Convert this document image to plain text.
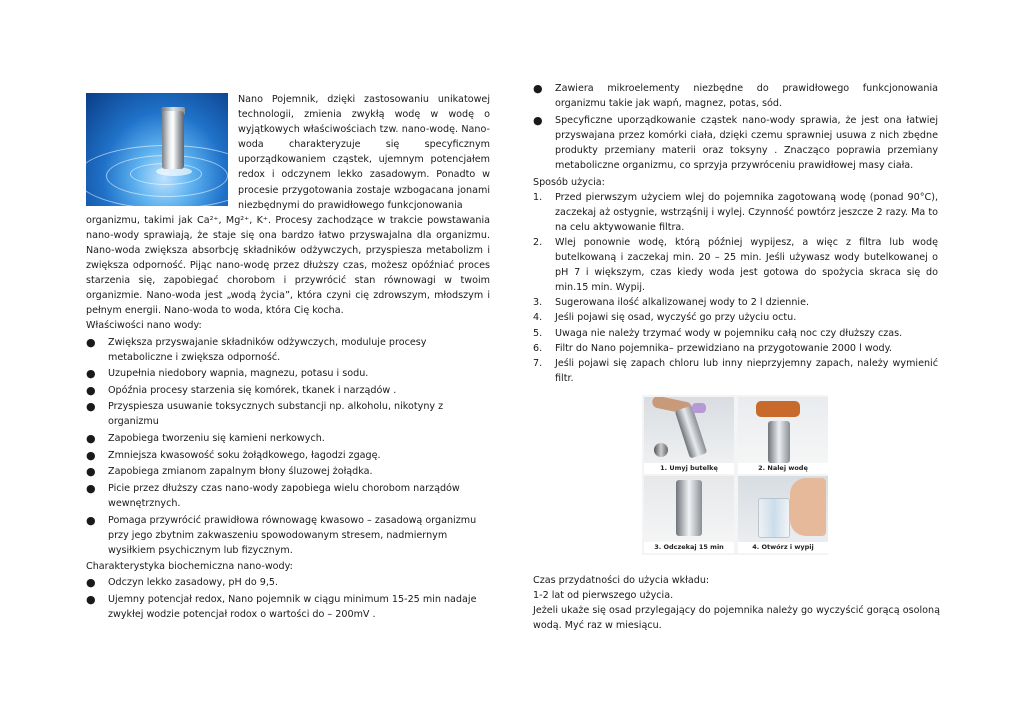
Nano Pojemnik, dzięki zastosowaniu unikatowej technologii, zmienia zwykłą wodę w wodę o wyjątkowych właściwościach tzw. nano-wodę. Nano-woda charakteryzuje się specyficznym uporządkowaniem cząstek, ujemnym potencjałem redox i odczynem lekko zasadowym. Ponadto w procesie przygotowania zostaje wzbogacana jonami niezbędnymi do prawidłowego funkcjonowania

organizmu, takimi jak Ca²⁺, Mg²⁺, K⁺. Procesy zachodzące w trakcie powstawania nano-wody sprawiają, że staje się ona bardzo łatwo przyswajalna dla organizmu. Nano-woda zwiększa absorbcję składników odżywczych, przyspiesza metabolizm i zwiększa odporność. Pijąc nano-wodę przez dłuższy czas, możesz opóźniać proces starzenia się, zapobiegać chorobom i przywrócić stan równowagi w twoim organizmie. Nano-woda jest „wodą życia”, która czyni cię zdrowszym, młodszym i pełnym energii. Nano-woda to woda, która Cię kocha.

Właściwości nano wody:

● Zwiększa przyswajanie składników odżywczych, moduluje procesy metaboliczne i zwiększa odporność.
● Uzupełnia niedobory wapnia, magnezu, potasu i sodu.
● Opóźnia procesy starzenia się komórek, tkanek i narządów .
● Przyspiesza usuwanie toksycznych substancji np. alkoholu, nikotyny z organizmu
● Zapobiega tworzeniu się kamieni nerkowych.
● Zmniejsza kwasowość soku żołądkowego, łagodzi zgagę.
● Zapobiega zmianom zapalnym błony śluzowej żołądka.
● Picie przez dłuższy czas nano-wody zapobiega wielu chorobom narządów wewnętrznych.
● Pomaga przywrócić prawidłowa równowagę kwasowo – zasadową organizmu przy jego zbytnim zakwaszeniu spowodowanym stresem, nadmiernym wysiłkiem psychicznym lub fizycznym.

Charakterystyka biochemiczna nano-wody:

● Odczyn lekko zasadowy, pH do 9,5.
● Ujemny potencjał redox, Nano pojemnik w ciągu minimum 15-25 min nadaje zwykłej wodzie potencjał rodox o wartości do – 200mV .
● Zawiera mikroelementy niezbędne do prawidłowego funkcjonowania organizmu takie jak wapń, magnez, potas, sód.
● Specyficzne uporządkowanie cząstek nano-wody sprawia, że jest ona łatwiej przyswajana przez komórki ciała, dzięki czemu sprawniej usuwa z nich zbędne produkty przemiany materii oraz toksyny . Znacząco poprawia przemiany metaboliczne organizmu, co sprzyja przywróceniu prawidłowej masy ciała.

Sposób użycia:

1. Przed pierwszym użyciem wlej do pojemnika zagotowaną wodę (ponad 90°C), zaczekaj aż ostygnie, wstrząśnij i wylej. Czynność powtórz jeszcze 2 razy. Ma to na celu aktywowanie filtra.
2. Wlej ponownie wodę, którą później wypijesz, a więc z filtra lub wodę butelkowaną i zaczekaj min. 20 – 25 min. Jeśli używasz wody butelkowanej o pH 7 i większym, czas kiedy woda jest gotowa do spożycia skraca się do min.15 min. Wypij.
3. Sugerowana ilość alkalizowanej wody to 2 l dziennie.
4. Jeśli pojawi się osad, wyczyść go przy użyciu octu.
5. Uwaga nie należy trzymać wody w pojemniku całą noc czy dłuższy czas.
6. Filtr do Nano pojemnika– przewidziano na przygotowanie 2000 l wody.
7. Jeśli pojawi się zapach chloru lub inny nieprzyjemny zapach, należy wymienić filtr.
1. Umyj butelkę	2. Nalej wodę
3. Odczekaj 15 min	4. Otwórz i wypij

Czas przydatności do użycia wkładu:

1-2 lat od pierwszego użycia.

Jeżeli ukaże się osad przylegający do pojemnika należy go wyczyścić gorącą osoloną wodą. Myć raz w miesiącu.
